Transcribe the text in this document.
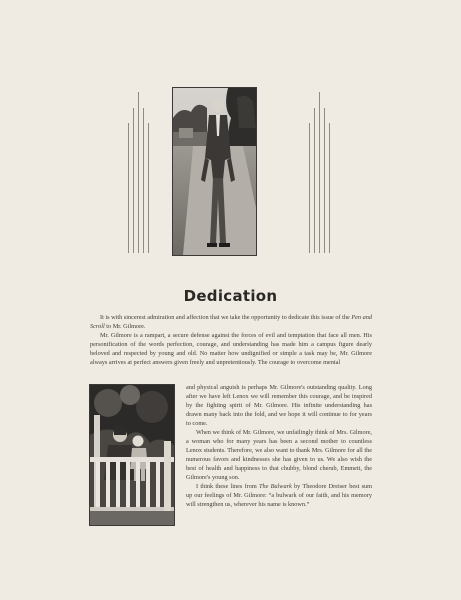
Dedication

It is with sincerest admiration and affection that we take the opportunity to dedicate this issue of the Pen and Scroll to Mr. Gilmore.

Mr. Gilmore is a rampart, a secure defense against the forces of evil and temptation that face all men. His personification of the words perfection, courage, and understanding has made him a campus figure dearly beloved and respected by young and old. No matter how undignified or simple a task may be, Mr. Gilmore always arrives at perfect answers given freely and unpretentiously. The courage to overcome mental

and physical anguish is perhaps Mr. Gilmore's outstanding quality. Long after we have left Lenox we will remember this courage, and be inspired by the fighting spirit of Mr. Gilmore. His infinite understanding has drawn many back into the fold, and we hope it will continue to for years to come.

When we think of Mr. Gilmore, we unfailingly think of Mrs. Gilmore, a woman who for many years has been a second mother to countless Lenox students. Therefore, we also want to thank Mrs. Gilmore for all the numerous favors and kindnesses she has given to us. We also wish the best of health and happiness to that chubby, blond cherub, Emmett, the Gilmore's young son.

I think these lines from The Bulwark by Theodore Dreiser best sum up our feelings of Mr. Gilmore: “a bulwark of our faith, and his memory will strengthen us, wherever his name is known.”
